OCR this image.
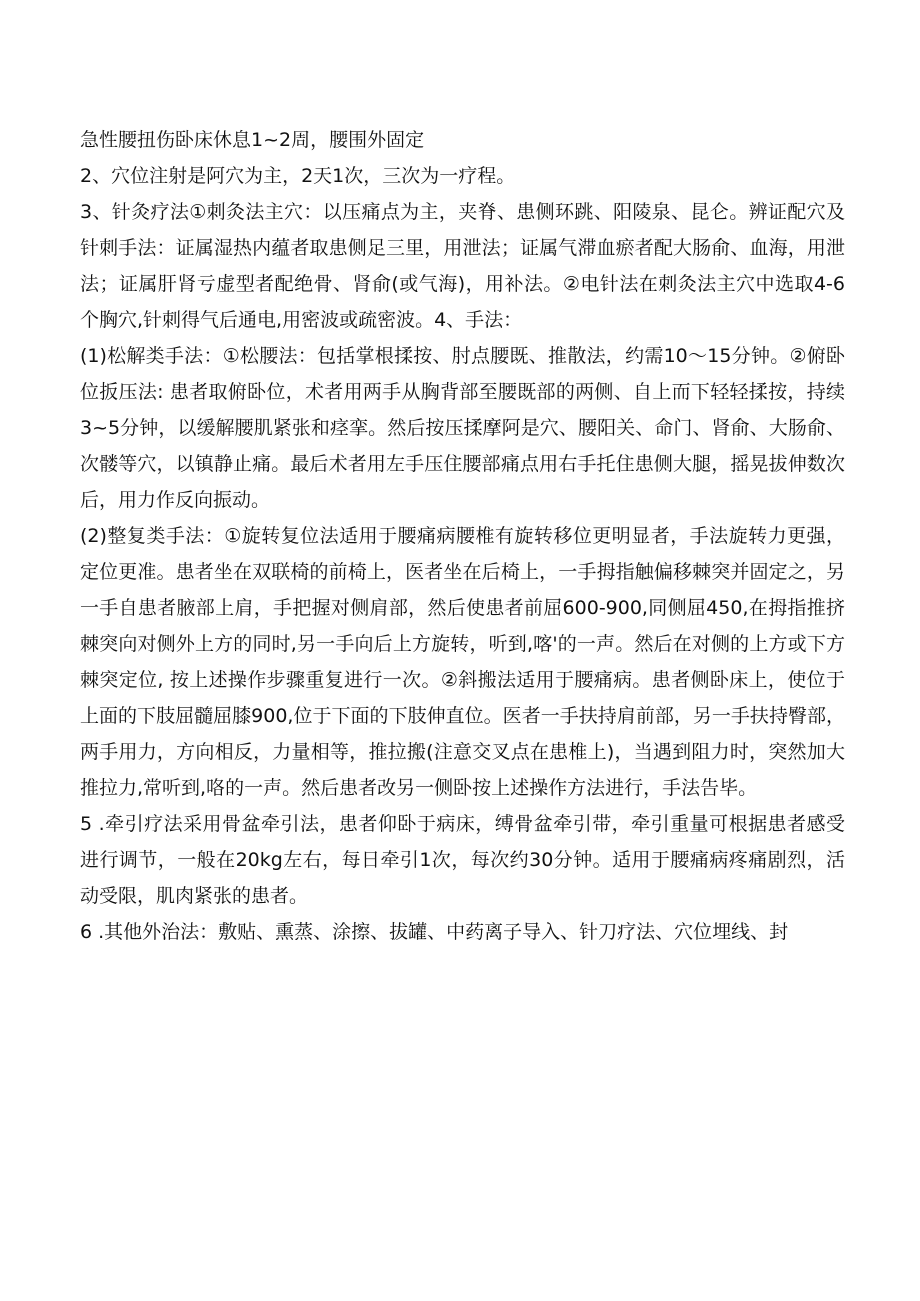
急性腰扭伤卧床休息1~2周，腰围外固定

2、穴位注射是阿穴为主，2天1次，三次为一疗程。

3、针灸疗法①刺灸法主穴：以压痛点为主，夹脊、患侧环跳、阳陵泉、昆仑。辨证配穴及针刺手法：证属湿热内蕴者取患侧足三里，用泄法；证属气滞血瘀者配大肠俞、血海，用泄法；证属肝肾亏虚型者配绝骨、肾俞(或气海)，用补法。②电针法在刺灸法主穴中选取4-6个胸穴,针刺得气后通电,用密波或疏密波。4、手法：

(1)松解类手法：①松腰法：包括掌根揉按、肘点腰既、推散法，约需10〜15分钟。②俯卧位扳压法: 患者取俯卧位，术者用两手从胸背部至腰既部的两侧、自上而下轻轻揉按，持续3~5分钟，以缓解腰肌紧张和痉挛。然后按压揉摩阿是穴、腰阳关、命门、肾俞、大肠俞、次髅等穴，以镇静止痛。最后术者用左手压住腰部痛点用右手托住患侧大腿，摇晃拔伸数次后，用力作反向振动。

(2)整复类手法：①旋转复位法适用于腰痛病腰椎有旋转移位更明显者，手法旋转力更强，定位更准。患者坐在双联椅的前椅上，医者坐在后椅上，一手拇指触偏移棘突并固定之，另一手自患者腋部上肩，手把握对侧肩部，然后使患者前屈600-900,同侧屈450,在拇指推挤棘突向对侧外上方的同时,另一手向后上方旋转，听到,喀'的一声。然后在对侧的上方或下方棘突定位, 按上述操作步骤重复进行一次。②斜搬法适用于腰痛病。患者侧卧床上，使位于上面的下肢屈髓屈膝900,位于下面的下肢伸直位。医者一手扶持肩前部，另一手扶持臀部，两手用力，方向相反，力量相等，推拉搬(注意交叉点在患椎上)，当遇到阻力时，突然加大推拉力,常听到,咯的一声。然后患者改另一侧卧按上述操作方法进行，手法告毕。

5 .牵引疗法采用骨盆牵引法，患者仰卧于病床，缚骨盆牵引带，牵引重量可根据患者感受进行调节，一般在20kg左右，每日牵引1次，每次约30分钟。适用于腰痛病疼痛剧烈，活动受限，肌肉紧张的患者。

6 .其他外治法：敷贴、熏蒸、涂擦、拔罐、中药离子导入、针刀疗法、穴位埋线、封
